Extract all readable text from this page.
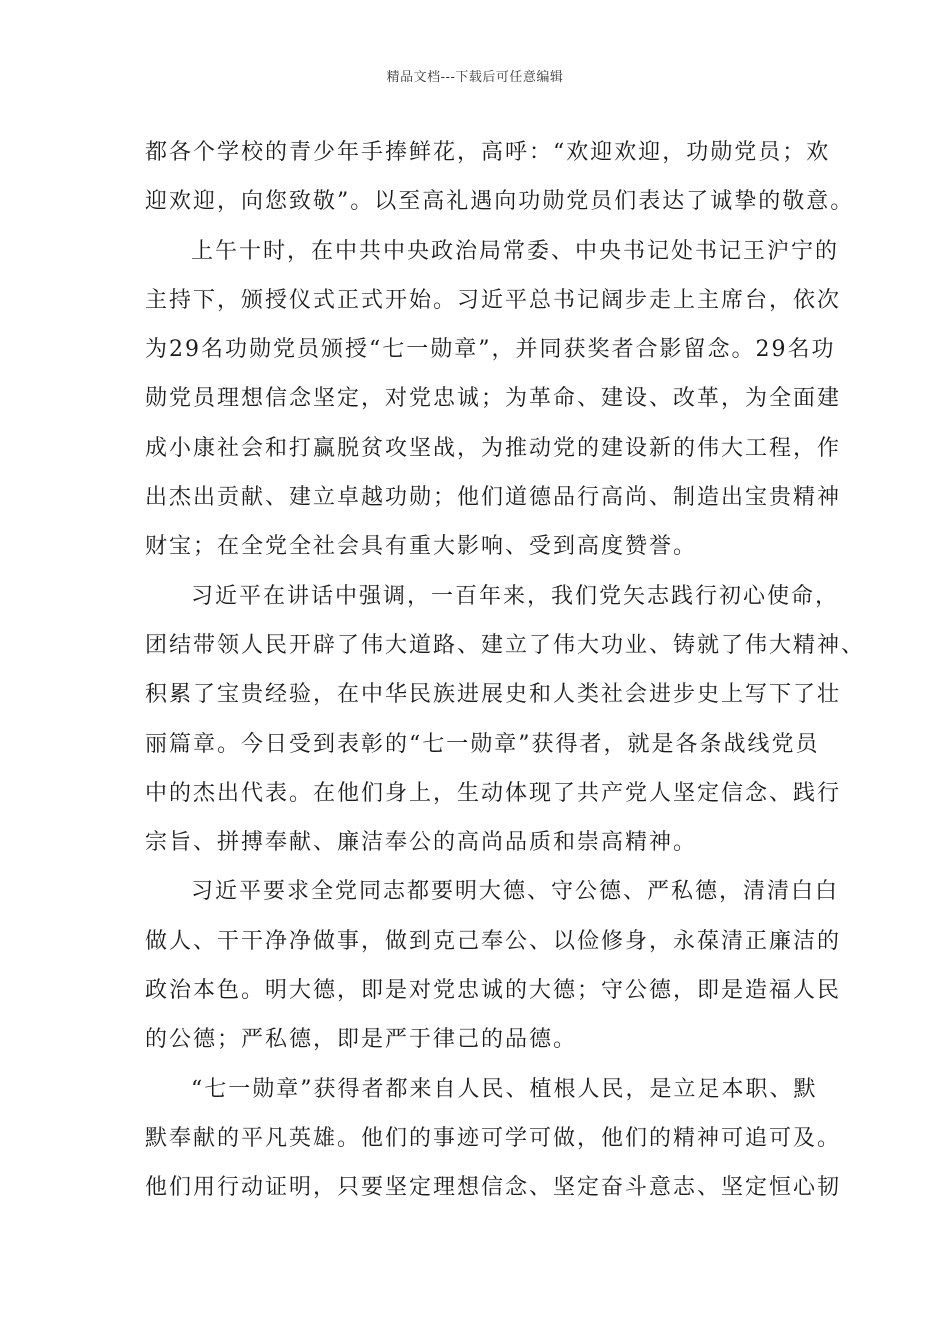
精品文档---下载后可任意编辑
都各个学校的青少年手捧鲜花，高呼：“欢迎欢迎，功勋党员；欢
迎欢迎，向您致敬”。以至高礼遇向功勋党员们表达了诚挚的敬意。
上午十时，在中共中央政治局常委、中央书记处书记王沪宁的
主持下，颁授仪式正式开始。习近平总书记阔步走上主席台，依次
为29名功勋党员颁授“七一勋章”，并同获奖者合影留念。29名功
勋党员理想信念坚定，对党忠诚；为革命、建设、改革，为全面建
成小康社会和打赢脱贫攻坚战，为推动党的建设新的伟大工程，作
出杰出贡献、建立卓越功勋；他们道德品行高尚、制造出宝贵精神
财宝；在全党全社会具有重大影响、受到高度赞誉。
习近平在讲话中强调，一百年来，我们党矢志践行初心使命，
团结带领人民开辟了伟大道路、建立了伟大功业、铸就了伟大精神、
积累了宝贵经验，在中华民族进展史和人类社会进步史上写下了壮
丽篇章。今日受到表彰的“七一勋章”获得者，就是各条战线党员
中的杰出代表。在他们身上，生动体现了共产党人坚定信念、践行
宗旨、拼搏奉献、廉洁奉公的高尚品质和崇高精神。
习近平要求全党同志都要明大德、守公德、严私德，清清白白
做人、干干净净做事，做到克己奉公、以俭修身，永葆清正廉洁的
政治本色。明大德，即是对党忠诚的大德；守公德，即是造福人民
的公德；严私德，即是严于律己的品德。
“七一勋章”获得者都来自人民、植根人民，是立足本职、默
默奉献的平凡英雄。他们的事迹可学可做，他们的精神可追可及。
他们用行动证明，只要坚定理想信念、坚定奋斗意志、坚定恒心韧
